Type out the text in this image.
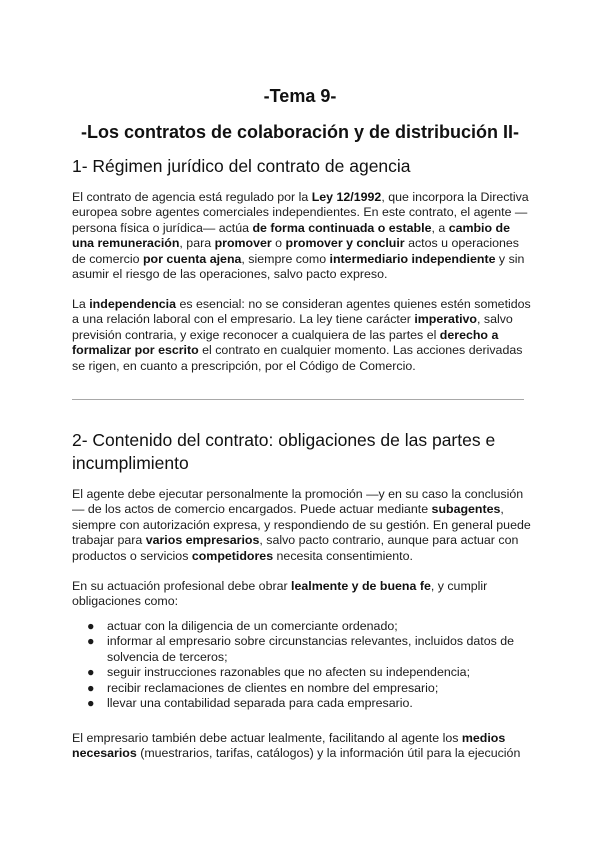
-Tema 9-
-Los contratos de colaboración y de distribución II-
1- Régimen jurídico del contrato de agencia

El contrato de agencia está regulado por la Ley 12/1992, que incorpora la Directiva europea sobre agentes comerciales independientes. En este contrato, el agente —persona física o jurídica— actúa de forma continuada o estable, a cambio de una remuneración, para promover o promover y concluir actos u operaciones de comercio por cuenta ajena, siempre como intermediario independiente y sin asumir el riesgo de las operaciones, salvo pacto expreso.

La independencia es esencial: no se consideran agentes quienes estén sometidos a una relación laboral con el empresario. La ley tiene carácter imperativo, salvo previsión contraria, y exige reconocer a cualquiera de las partes el derecho a formalizar por escrito el contrato en cualquier momento. Las acciones derivadas se rigen, en cuanto a prescripción, por el Código de Comercio.

2- Contenido del contrato: obligaciones de las partes e incumplimiento

El agente debe ejecutar personalmente la promoción —y en su caso la conclusión— de los actos de comercio encargados. Puede actuar mediante subagentes, siempre con autorización expresa, y respondiendo de su gestión. En general puede trabajar para varios empresarios, salvo pacto contrario, aunque para actuar con productos o servicios competidores necesita consentimiento.

En su actuación profesional debe obrar lealmente y de buena fe, y cumplir obligaciones como:

● actuar con la diligencia de un comerciante ordenado;
● informar al empresario sobre circunstancias relevantes, incluidos datos de solvencia de terceros;
● seguir instrucciones razonables que no afecten su independencia;
● recibir reclamaciones de clientes en nombre del empresario;
● llevar una contabilidad separada para cada empresario.

El empresario también debe actuar lealmente, facilitando al agente los medios necesarios (muestrarios, tarifas, catálogos) y la información útil para la ejecución
